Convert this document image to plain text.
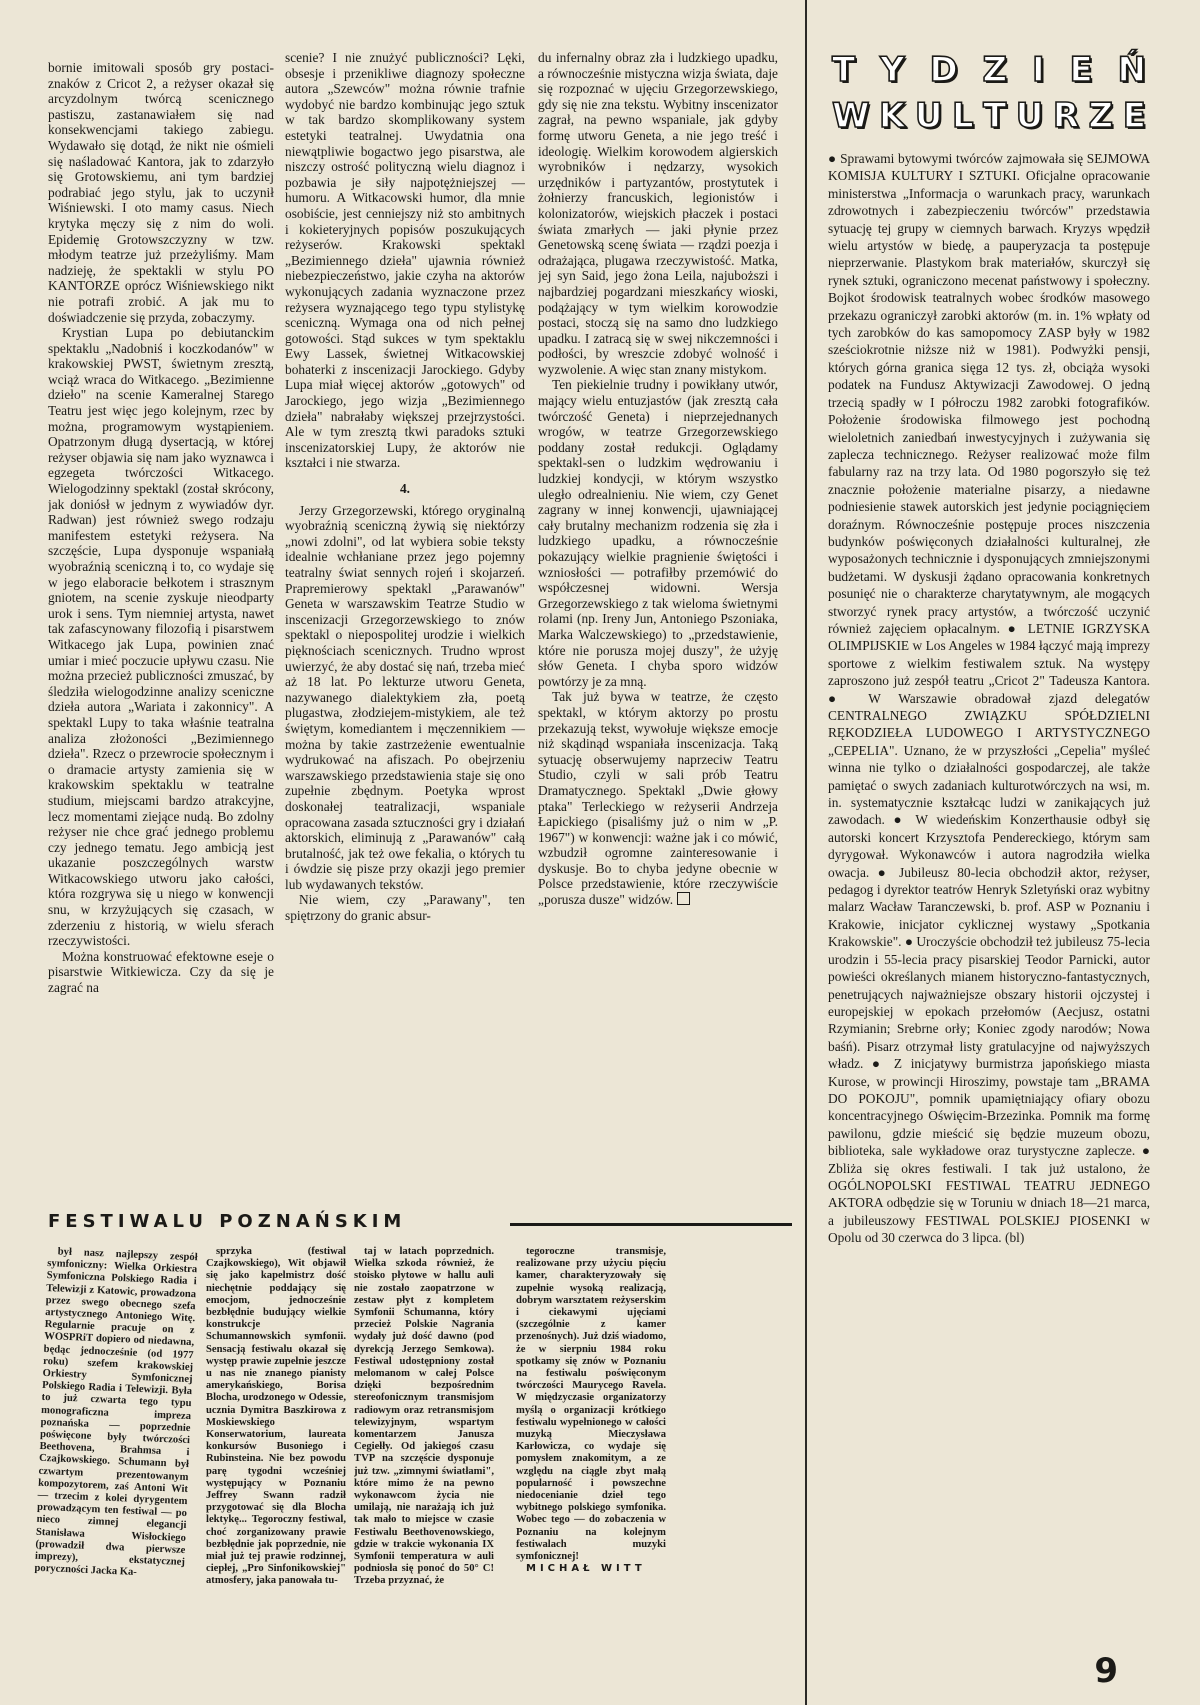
bornie imitowali sposób gry postaci-znaków z Cricot 2, a reżyser okazał się arcyzdolnym twórcą scenicznego pastiszu, zastanawiałem się nad konsekwencjami takiego zabiegu. Wydawało się dotąd, że nikt nie ośmieli się naśladować Kantora, jak to zdarzyło się Grotowskiemu, ani tym bardziej podrabiać jego stylu, jak to uczynił Wiśniewski. I oto mamy casus. Niech krytyka męczy się z nim do woli. Epidemię Grotowszczyzny w tzw. młodym teatrze już przeżyliśmy. Mam nadzieję, że spektakli w stylu PO KANTORZE oprócz Wiśniewskiego nikt nie potrafi zrobić. A jak mu to doświadczenie się przyda, zobaczymy.

Krystian Lupa po debiutanckim spektaklu „Nadobniś i koczkodanów" w krakowskiej PWST, świetnym zresztą, wciąż wraca do Witkacego. „Bezimienne dzieło" na scenie Kameralnej Starego Teatru jest więc jego kolejnym, rzec by można, programowym wystąpieniem. Opatrzonym długą dysertacją, w której reżyser objawia się nam jako wyznawca i egzegeta twórczości Witkacego. Wielogodzinny spektakl (został skrócony, jak doniósł w jednym z wywiadów dyr. Radwan) jest również swego rodzaju manifestem estetyki reżysera. Na szczęście, Lupa dysponuje wspaniałą wyobraźnią sceniczną i to, co wydaje się w jego elaboracie bełkotem i strasznym gniotem, na scenie zyskuje nieodparty urok i sens. Tym niemniej artysta, nawet tak zafascynowany filozofią i pisarstwem Witkacego jak Lupa, powinien znać umiar i mieć poczucie upływu czasu. Nie można przecież publiczności zmuszać, by śledziła wielogodzinne analizy sceniczne dzieła autora „Wariata i zakonnicy". A spektakl Lupy to taka właśnie teatralna analiza złożoności „Bezimiennego dzieła". Rzecz o przewrocie społecznym i o dramacie artysty zamienia się w krakowskim spektaklu w teatralne studium, miejscami bardzo atrakcyjne, lecz momentami ziejące nudą. Bo zdolny reżyser nie chce grać jednego problemu czy jednego tematu. Jego ambicją jest ukazanie poszczególnych warstw Witkacowskiego utworu jako całości, która rozgrywa się u niego w konwencji snu, w krzyżujących się czasach, w zderzeniu z historią, w wielu sferach rzeczywistości.

Można konstruować efektowne eseje o pisarstwie Witkiewicza. Czy da się je zagrać na

scenie? I nie znużyć publiczności? Lęki, obsesje i przenikliwe diagnozy społeczne autora „Szewców" można równie trafnie wydobyć nie bardzo kombinując jego sztuk w tak bardzo skomplikowany system estetyki teatralnej. Uwydatnia ona niewątpliwie bogactwo jego pisarstwa, ale niszczy ostrość polityczną wielu diagnoz i pozbawia je siły najpotężniejszej — humoru. A Witkacowski humor, dla mnie osobiście, jest cenniejszy niż sto ambitnych i kokieteryjnych popisów poszukujących reżyserów. Krakowski spektakl „Bezimiennego dzieła" ujawnia również niebezpieczeństwo, jakie czyha na aktorów wykonujących zadania wyznaczone przez reżysera wyznającego tego typu stylistykę sceniczną. Wymaga ona od nich pełnej gotowości. Stąd sukces w tym spektaklu Ewy Lassek, świetnej Witkacowskiej bohaterki z inscenizacji Jarockiego. Gdyby Lupa miał więcej aktorów „gotowych" od Jarockiego, jego wizja „Bezimiennego dzieła" nabrałaby większej przejrzystości. Ale w tym zresztą tkwi paradoks sztuki inscenizatorskiej Lupy, że aktorów nie kształci i nie stwarza.

4.

Jerzy Grzegorzewski, którego oryginalną wyobraźnią sceniczną żywią się niektórzy „nowi zdolni", od lat wybiera sobie teksty idealnie wchłaniane przez jego pojemny teatralny świat sennych rojeń i skojarzeń. Prapremierowy spektakl „Parawanów" Geneta w warszawskim Teatrze Studio w inscenizacji Grzegorzewskiego to znów spektakl o niepospolitej urodzie i wielkich pięknościach scenicznych. Trudno wprost uwierzyć, że aby dostać się nań, trzeba mieć aż 18 lat. Po lekturze utworu Geneta, nazywanego dialektykiem zła, poetą plugastwa, złodziejem-mistykiem, ale też świętym, komediantem i męczennikiem — można by takie zastrzeżenie ewentualnie wydrukować na afiszach. Po obejrzeniu warszawskiego przedstawienia staje się ono zupełnie zbędnym. Poetyka wprost doskonałej teatralizacji, wspaniale opracowana zasada sztuczności gry i działań aktorskich, eliminują z „Parawanów" całą brutalność, jak też owe fekalia, o których tu i ówdzie się pisze przy okazji jego premier lub wydawanych tekstów.

Nie wiem, czy „Parawany", ten spiętrzony do granic absur-

du infernalny obraz zła i ludzkiego upadku, a równocześnie mistyczna wizja świata, daje się rozpoznać w ujęciu Grzegorzewskiego, gdy się nie zna tekstu. Wybitny inscenizator zagrał, na pewno wspaniale, jak gdyby formę utworu Geneta, a nie jego treść i ideologię. Wielkim korowodem algierskich wyrobników i nędzarzy, wysokich urzędników i partyzantów, prostytutek i żołnierzy francuskich, legionistów i kolonizatorów, wiejskich płaczek i postaci świata zmarłych — jaki płynie przez Genetowską scenę świata — rządzi poezja i odrażająca, plugawa rzeczywistość. Matka, jej syn Said, jego żona Leila, najuboższi i najbardziej pogardzani mieszkańcy wioski, podążający w tym wielkim korowodzie postaci, stoczą się na samo dno ludzkiego upadku. I zatracą się w swej nikczemności i podłości, by wreszcie zdobyć wolność i wyzwolenie. A więc stan znany mistykom.

Ten piekielnie trudny i powikłany utwór, mający wielu entuzjastów (jak zresztą cała twórczość Geneta) i nieprzejednanych wrogów, w teatrze Grzegorzewskiego poddany został redukcji. Oglądamy spektakl-sen o ludzkim wędrowaniu i ludzkiej kondycji, w którym wszystko uległo odrealnieniu. Nie wiem, czy Genet zagrany w innej konwencji, ujawniającej cały brutalny mechanizm rodzenia się zła i ludzkiego upadku, a równocześnie pokazujący wielkie pragnienie świętości i wzniosłości — potrafiłby przemówić do współczesnej widowni. Wersja Grzegorzewskiego z tak wieloma świetnymi rolami (np. Ireny Jun, Antoniego Pszoniaka, Marka Walczewskiego) to „przedstawienie, które nie porusza mojej duszy", że użyję słów Geneta. I chyba sporo widzów powtórzy je za mną.

Tak już bywa w teatrze, że często spektakl, w którym aktorzy po prostu przekazują tekst, wywołuje większe emocje niż skądinąd wspaniała inscenizacja. Taką sytuację obserwujemy naprzeciw Teatru Studio, czyli w sali prób Teatru Dramatycznego. Spektakl „Dwie głowy ptaka" Terleckiego w reżyserii Andrzeja Łapickiego (pisaliśmy już o nim w „P. 1967") w konwencji: ważne jak i co mówić, wzbudził ogromne zainteresowanie i dyskusje. Bo to chyba jedyne obecnie w Polsce przedstawienie, które rzeczywiście „porusza dusze" widzów.

FESTIWALU POZNAŃSKIM

był nasz najlepszy zespół symfoniczny: Wielka Orkiestra Symfoniczna Polskiego Radia i Telewizji z Katowic, prowadzona przez swego obecnego szefa artystycznego Antoniego Witę. Regularnie pracuje on z WOSPRiT dopiero od niedawna, będąc jednocześnie (od 1977 roku) szefem krakowskiej Orkiestry Symfonicznej Polskiego Radia i Telewizji. Była to już czwarta tego typu monograficzna impreza poznańska — poprzednie poświęcone były twórczości Beethovena, Brahmsa i Czajkowskiego. Schumann był czwartym prezentowanym kompozytorem, zaś Antoni Wit — trzecim z kolei dyrygentem prowadzącym ten festiwal — po nieco zimnej elegancji Stanisława Wisłockiego (prowadził dwa pierwsze imprezy), ekstatycznej poryczności Jacka Ka-

sprzyka (festiwal Czajkowskiego), Wit objawił się jako kapelmistrz dość niechętnie poddający się emocjom, jednocześnie bezbłędnie budujący wielkie konstrukcje Schumannowskich symfonii. Sensacją festiwalu okazał się występ prawie zupełnie jeszcze u nas nie znanego pianisty amerykańskiego, Borisa Blocha, urodzonego w Odessie, ucznia Dymitra Baszkirowa z Moskiewskiego Konserwatorium, laureata konkursów Busoniego i Rubinsteina. Nie bez powodu parę tygodni wcześniej występujący w Poznaniu Jeffrey Swann radził przygotować się dla Blocha lektykę... Tegoroczny festiwal, choć zorganizowany prawie bezbłędnie jak poprzednie, nie miał już tej prawie rodzinnej, ciepłej, „Pro Sinfonikowskiej" atmosfery, jaka panowała tu-

taj w latach poprzednich. Wielka szkoda również, że stoisko płytowe w hallu auli nie zostało zaopatrzone w zestaw płyt z kompletem Symfonii Schumanna, który przecież Polskie Nagrania wydały już dość dawno (pod dyrekcją Jerzego Semkowa). Festiwal udostępniony został melomanom w całej Polsce dzięki bezpośrednim stereofonicznym transmisjom radiowym oraz retransmisjom telewizyjnym, wspartym komentarzem Janusza Cegiełły. Od jakiegoś czasu TVP na szczęście dysponuje już tzw. „zimnymi światłami", które mimo że na pewno wykonawcom życia nie umilają, nie narażają ich już tak mało to miejsce w czasie Festiwalu Beethovenowskiego, gdzie w trakcie wykonania IX Symfonii temperatura w auli podniosła się ponoć do 50° C! Trzeba przyznać, że

tegoroczne transmisje, realizowane przy użyciu pięciu kamer, charakteryzowały się zupełnie wysoką realizacją, dobrym warsztatem reżyserskim i ciekawymi ujęciami (szczególnie z kamer przenośnych). Już dziś wiadomo, że w sierpniu 1984 roku spotkamy się znów w Poznaniu na festiwalu poświęconym twórczości Maurycego Ravela. W międzyczasie organizatorzy myślą o organizacji krótkiego festiwalu wypełnionego w całości muzyką Mieczysława Karłowicza, co wydaje się pomysłem znakomitym, a ze względu na ciągle zbyt małą popularność i powszechne niedocenianie dzieł tego wybitnego polskiego symfonika. Wobec tego — do zobaczenia w Poznaniu na kolejnym festiwalach muzyki symfonicznej!

MICHAŁ WITT

T Y D Z I E Ń
W K U L T U R Z E
● Sprawami bytowymi twórców zajmowała się SEJMOWA KOMISJA KULTURY I SZTUKI. Oficjalne opracowanie ministerstwa „Informacja o warunkach pracy, warunkach zdrowotnych i zabezpieczeniu twórców" przedstawia sytuację tej grupy w ciemnych barwach. Kryzys wpędził wielu artystów w biedę, a pauperyzacja ta postępuje nieprzerwanie. Plastykom brak materiałów, skurczył się rynek sztuki, ograniczono mecenat państwowy i społeczny. Bojkot środowisk teatralnych wobec środków masowego przekazu ograniczył zarobki aktorów (m. in. 1% wpłaty od tych zarobków do kas samopomocy ZASP były w 1982 sześciokrotnie niższe niż w 1981). Podwyżki pensji, których górna granica sięga 12 tys. zł, obciąża wysoki podatek na Fundusz Aktywizacji Zawodowej. O jedną trzecią spadły w I półroczu 1982 zarobki fotografików. Położenie środowiska filmowego jest pochodną wieloletnich zaniedbań inwestycyjnych i zużywania się zaplecza technicznego. Reżyser realizować może film fabularny raz na trzy lata. Od 1980 pogorszyło się też znacznie położenie materialne pisarzy, a niedawne podniesienie stawek autorskich jest jedynie pociągnięciem doraźnym. Równocześnie postępuje proces niszczenia budynków poświęconych działalności kulturalnej, złe wyposażonych technicznie i dysponujących zmniejszonymi budżetami. W dyskusji żądano opracowania konkretnych posunięć nie o charakterze charytatywnym, ale mogących stworzyć rynek pracy artystów, a twórczość uczynić również zajęciem opłacalnym. ● LETNIE IGRZYSKA OLIMPIJSKIE w Los Angeles w 1984 łączyć mają imprezy sportowe z wielkim festiwalem sztuk. Na występy zaproszono już zespół teatru „Cricot 2" Tadeusza Kantora. ● W Warszawie obradował zjazd delegatów CENTRALNEGO ZWIĄZKU SPÓŁDZIELNI RĘKODZIEŁA LUDOWEGO I ARTYSTYCZNEGO „CEPELIA". Uznano, że w przyszłości „Cepelia" myśleć winna nie tylko o działalności gospodarczej, ale także pamiętać o swych zadaniach kulturotwórczych na wsi, m. in. systematycznie kształcąc ludzi w zanikających już zawodach. ● W wiedeńskim Konzerthausie odbył się autorski koncert Krzysztofa Pendereckiego, którym sam dyrygował. Wykonawców i autora nagrodziła wielka owacja. ● Jubileusz 80-lecia obchodził aktor, reżyser, pedagog i dyrektor teatrów Henryk Szletyński oraz wybitny malarz Wacław Taranczewski, b. prof. ASP w Poznaniu i Krakowie, inicjator cyklicznej wystawy „Spotkania Krakowskie". ● Uroczyście obchodził też jubileusz 75-lecia urodzin i 55-lecia pracy pisarskiej Teodor Parnicki, autor powieści określanych mianem historyczno-fantastycznych, penetrujących najważniejsze obszary historii ojczystej i europejskiej w epokach przełomów (Aecjusz, ostatni Rzymianin; Srebrne orły; Koniec zgody narodów; Nowa baśń). Pisarz otrzymał listy gratulacyjne od najwyższych władz. ● Z inicjatywy burmistrza japońskiego miasta Kurose, w prowincji Hiroszimy, powstaje tam „BRAMA DO POKOJU", pomnik upamiętniający ofiary obozu koncentracyjnego Oświęcim-Brzezinka. Pomnik ma formę pawilonu, gdzie mieścić się będzie muzeum obozu, biblioteka, sale wykładowe oraz turystyczne zaplecze. ● Zbliża się okres festiwali. I tak już ustalono, że OGÓLNOPOLSKI FESTIWAL TEATRU JEDNEGO AKTORA odbędzie się w Toruniu w dniach 18—21 marca, a jubileuszowy FESTIWAL POLSKIEJ PIOSENKI w Opolu od 30 czerwca do 3 lipca. (bl)
9
